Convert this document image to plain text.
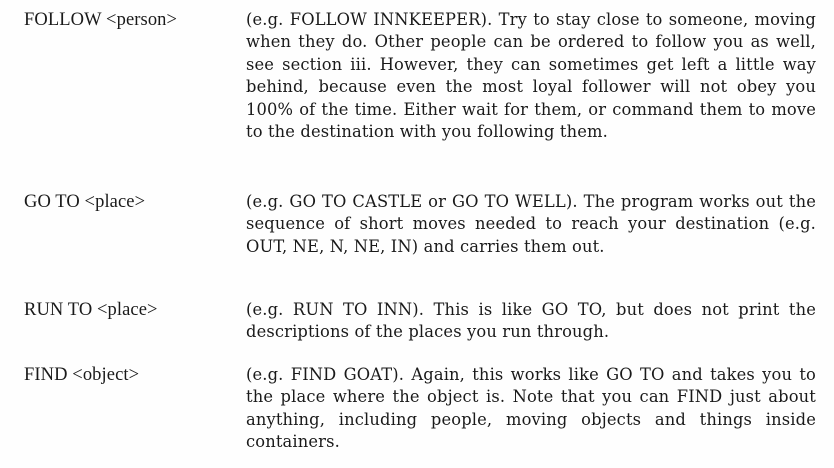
FOLLOW <person>	(e.g. FOLLOW INNKEEPER). Try to stay close to someone, moving when they do. Other people can be ordered to follow you as well, see section iii. However, they can sometimes get left a little way behind, because even the most loyal follower will not obey you 100% of the time. Either wait for them, or command them to move to the destination with you following them.
GO TO <place>	(e.g. GO TO CASTLE or GO TO WELL). The program works out the sequence of short moves needed to reach your destination (e.g. OUT, NE, N, NE, IN) and carries them out.
RUN TO <place>	(e.g. RUN TO INN). This is like GO TO, but does not print the descriptions of the places you run through.
FIND <object>	(e.g. FIND GOAT). Again, this works like GO TO and takes you to the place where the object is. Note that you can FIND just about anything, including people, moving objects and things inside containers.
